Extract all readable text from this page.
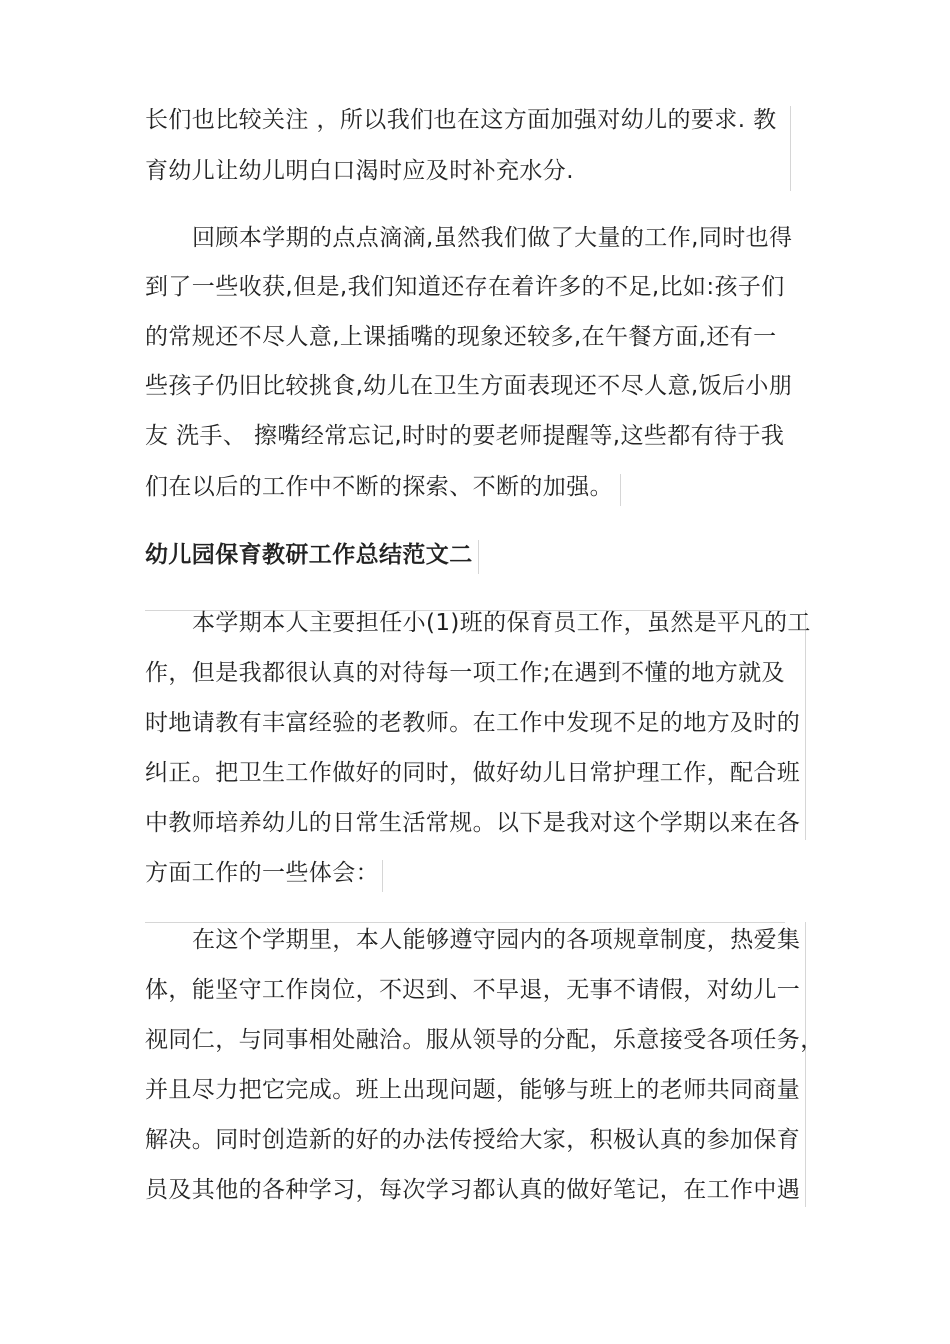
长们也比较关注 ，所以我们也在这方面加强对幼儿的要求. 教
育幼儿让幼儿明白口渴时应及时补充水分.
回顾本学期的点点滴滴,虽然我们做了大量的工作,同时也得
到了一些收获,但是,我们知道还存在着许多的不足,比如:孩子们
的常规还不尽人意,上课插嘴的现象还较多,在午餐方面,还有一
些孩子仍旧比较挑食,幼儿在卫生方面表现还不尽人意,饭后小朋
友 洗手、 擦嘴经常忘记,时时的要老师提醒等,这些都有待于我
们在以后的工作中不断的探索、不断的加强。
幼儿园保育教研工作总结范文二
本学期本人主要担任小(1)班的保育员工作，虽然是平凡的工
作，但是我都很认真的对待每一项工作;在遇到不懂的地方就及
时地请教有丰富经验的老教师。在工作中发现不足的地方及时的
纠正。把卫生工作做好的同时，做好幼儿日常护理工作，配合班
中教师培养幼儿的日常生活常规。以下是我对这个学期以来在各
方面工作的一些体会：
在这个学期里，本人能够遵守园内的各项规章制度，热爱集
体，能坚守工作岗位，不迟到、不早退，无事不请假，对幼儿一
视同仁，与同事相处融洽。服从领导的分配，乐意接受各项任务，
并且尽力把它完成。班上出现问题，能够与班上的老师共同商量
解决。同时创造新的好的办法传授给大家，积极认真的参加保育
员及其他的各种学习，每次学习都认真的做好笔记，在工作中遇
